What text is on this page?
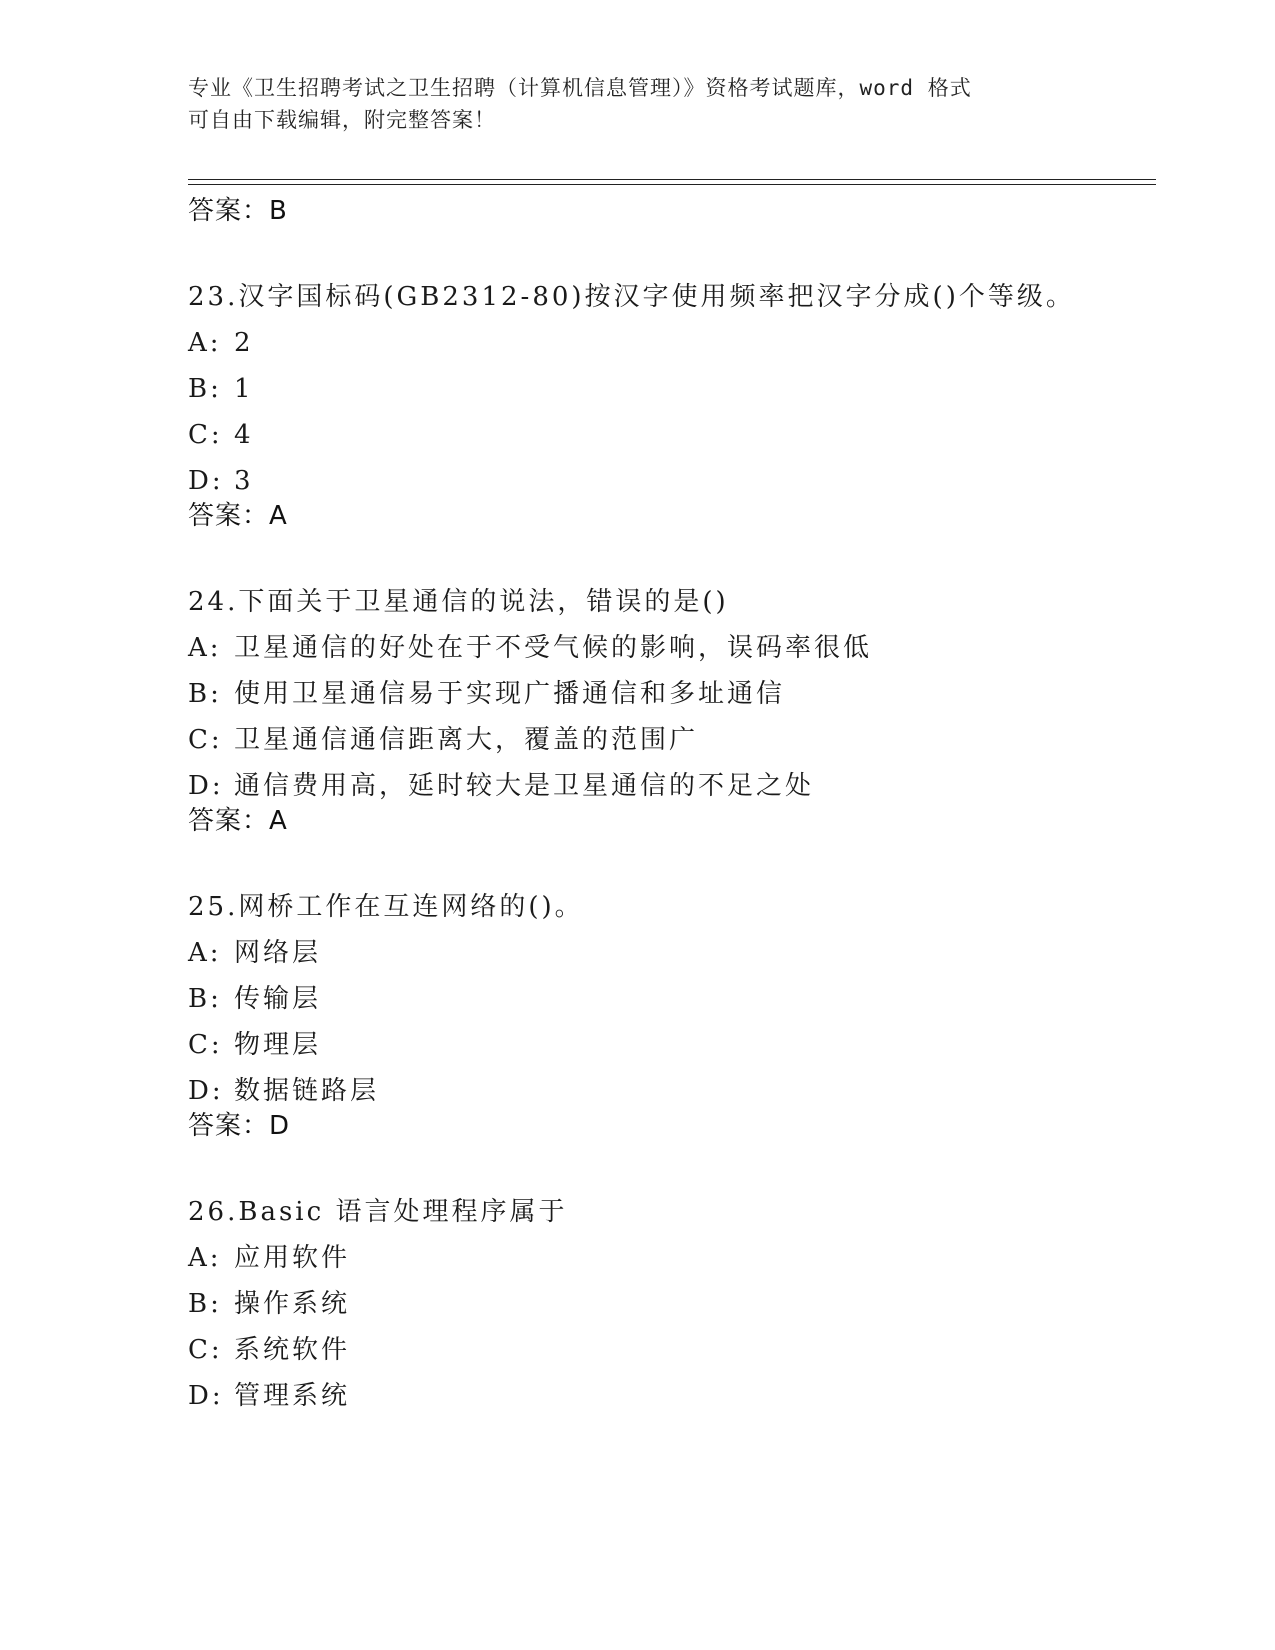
专业《卫生招聘考试之卫生招聘（计算机信息管理）》资格考试题库，word 格式
可自由下载编辑，附完整答案！
答案：B
23.汉字国标码(GB2312-80)按汉字使用频率把汉字分成()个等级。
A: 2
B: 1
C: 4
D: 3
答案：A
24.下面关于卫星通信的说法，错误的是()
A: 卫星通信的好处在于不受气候的影响，误码率很低
B: 使用卫星通信易于实现广播通信和多址通信
C: 卫星通信通信距离大，覆盖的范围广
D: 通信费用高，延时较大是卫星通信的不足之处
答案：A
25.网桥工作在互连网络的()。
A: 网络层
B: 传输层
C: 物理层
D: 数据链路层
答案：D
26.Basic 语言处理程序属于
A: 应用软件
B: 操作系统
C: 系统软件
D: 管理系统
